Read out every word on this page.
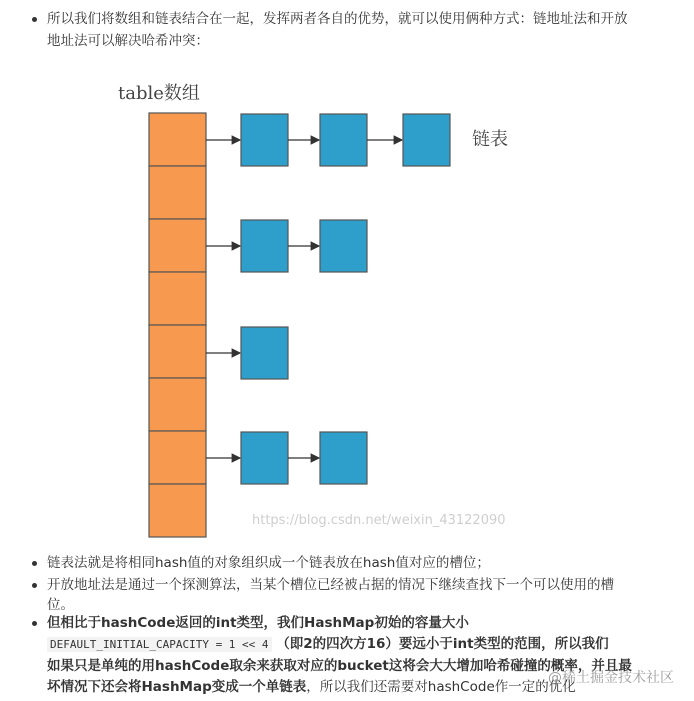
所以我们将数组和链表结合在一起，发挥两者各自的优势，就可以使用俩种方式：链地址法和开放
地址法可以解决哈希冲突：
table数组
链表
https://blog.csdn.net/weixin_43122090
链表法就是将相同hash值的对象组织成一个链表放在hash值对应的槽位；
开放地址法是通过一个探测算法，当某个槽位已经被占据的情况下继续查找下一个可以使用的槽
位。
但相比于hashCode返回的int类型，我们HashMap初始的容量大小
DEFAULT_INITIAL_CAPACITY = 1 << 4 （即2的四次方16）要远小于int类型的范围，所以我们
如果只是单纯的用hashCode取余来获取对应的bucket这将会大大增加哈希碰撞的概率，并且最
坏情况下还会将HashMap变成一个单链表，所以我们还需要对hashCode作一定的优化
@稀土掘金技术社区
